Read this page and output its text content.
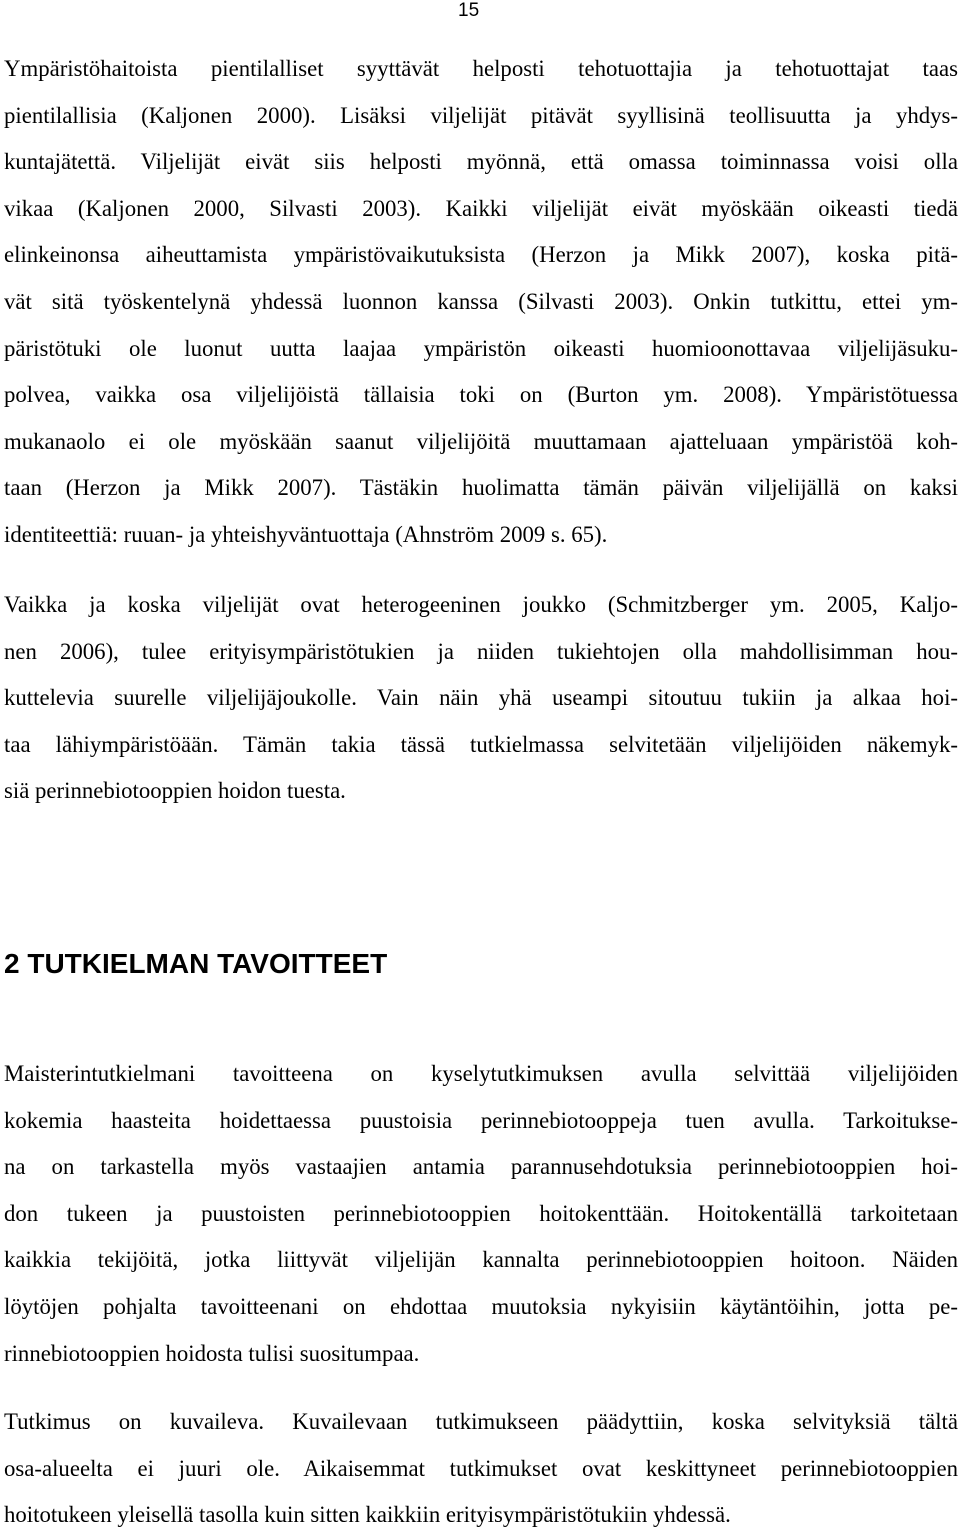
15

Ympäristöhaitoista pientilalliset syyttävät helposti tehotuottajia ja tehotuottajat taas
pientilallisia (Kaljonen 2000). Lisäksi viljelijät pitävät syyllisinä teollisuutta ja yhdys-
kuntajätettä. Viljelijät eivät siis helposti myönnä, että omassa toiminnassa voisi olla
vikaa (Kaljonen 2000, Silvasti 2003). Kaikki viljelijät eivät myöskään oikeasti tiedä
elinkeinonsa aiheuttamista ympäristövaikutuksista (Herzon ja Mikk 2007), koska pitä-
vät sitä työskentelynä yhdessä luonnon kanssa (Silvasti 2003). Onkin tutkittu, ettei ym-
päristötuki ole luonut uutta laajaa ympäristön oikeasti huomioonottavaa viljelijäsuku-
polvea, vaikka osa viljelijöistä tällaisia toki on (Burton ym. 2008). Ympäristötuessa
mukanaolo ei ole myöskään saanut viljelijöitä muuttamaan ajatteluaan ympäristöä koh-
taan (Herzon ja Mikk 2007). Tästäkin huolimatta tämän päivän viljelijällä on kaksi
identiteettiä: ruuan- ja yhteishyväntuottaja (Ahnström 2009 s. 65).

Vaikka ja koska viljelijät ovat heterogeeninen joukko (Schmitzberger ym. 2005, Kaljo-
nen 2006), tulee erityisympäristötukien ja niiden tukiehtojen olla mahdollisimman hou-
kuttelevia suurelle viljelijäjoukolle. Vain näin yhä useampi sitoutuu tukiin ja alkaa hoi-
taa lähiympäristöään. Tämän takia tässä tutkielmassa selvitetään viljelijöiden näkemyk-
siä perinnebiotooppien hoidon tuesta.

2 TUTKIELMAN TAVOITTEET

Maisterintutkielmani tavoitteena on kyselytutkimuksen avulla selvittää viljelijöiden
kokemia haasteita hoidettaessa puustoisia perinnebiotooppeja tuen avulla. Tarkoitukse-
na on tarkastella myös vastaajien antamia parannusehdotuksia perinnebiotooppien hoi-
don tukeen ja puustoisten perinnebiotooppien hoitokenttään. Hoitokentällä tarkoitetaan
kaikkia tekijöitä, jotka liittyvät viljelijän kannalta perinnebiotooppien hoitoon. Näiden
löytöjen pohjalta tavoitteenani on ehdottaa muutoksia nykyisiin käytäntöihin, jotta pe-
rinnebiotooppien hoidosta tulisi suositumpaa.

Tutkimus on kuvaileva. Kuvailevaan tutkimukseen päädyttiin, koska selvityksiä tältä
osa-alueelta ei juuri ole. Aikaisemmat tutkimukset ovat keskittyneet perinnebiotooppien
hoitotukeen yleisellä tasolla kuin sitten kaikkiin erityisympäristötukiin yhdessä.
